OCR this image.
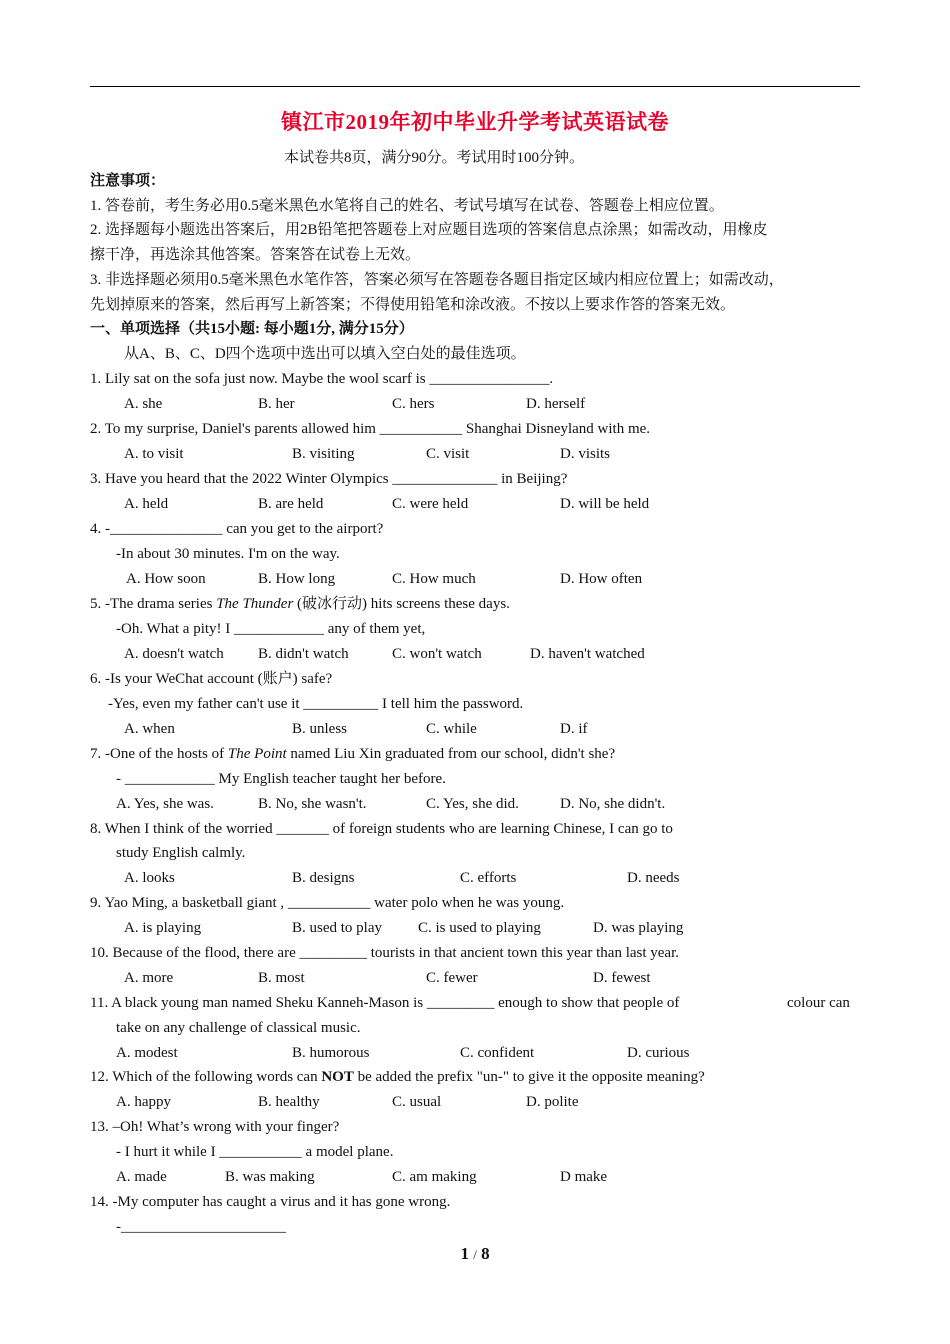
镇江市2019年初中毕业升学考试英语试卷
本试卷共8页，满分90分。考试用时100分钟。
注意事项：
1. 答卷前，考生务必用0.5毫米黑色水笔将自己的姓名、考试号填写在试卷、答题卷上相应位置。
2. 选择题每小题选出答案后，用2B铅笔把答题卷上对应题目选项的答案信息点涂黑；如需改动，用橡皮
擦干净，再选涂其他答案。答案答在试卷上无效。
3. 非选择题必须用0.5毫米黑色水笔作答，答案必须写在答题卷各题目指定区域内相应位置上；如需改动，
先划掉原来的答案，然后再写上新答案；不得使用铅笔和涂改液。不按以上要求作答的答案无效。
一、单项选择（共15小题: 每小题1分, 满分15分）
从A、B、C、D四个选项中选出可以填入空白处的最佳选项。
1. Lily sat on the sofa just now. Maybe the wool scarf is ________________.
A. she	B. her	C. hers	D. herself
2. To my surprise, Daniel's parents allowed him ___________ Shanghai Disneyland with me.
A. to visit	B. visiting	C. visit	D. visits
3. Have you heard that the 2022 Winter Olympics ______________ in Beijing?
A. held	B. are held	C. were held	D. will be held
4. -_______________ can you get to the airport?
-In about 30 minutes. I'm on the way.
A. How soon	B. How long	C. How much	D. How often
5. -The drama series The Thunder (破冰行动) hits screens these days.
-Oh. What a pity! I ____________ any of them yet,
A. doesn't watch B. didn't watch	C. won't watch	D. haven't watched
6. -Is your WeChat account (账户) safe?
-Yes, even my father can't use it __________ I tell him the password.
A. when	B. unless	C. while	D. if
7. -One of the hosts of The Point named Liu Xin graduated from our school, didn't she?
- ____________ My English teacher taught her before.
A. Yes, she was.	B. No, she wasn't.	C. Yes, she did.	D. No, she didn't.
8. When I think of the worried _______ of foreign students who are learning Chinese, I can go to
study English calmly.
A. looks	B. designs	C. efforts	D. needs
9. Yao Ming, a basketball giant , ___________ water polo when he was young.
A. is playing	B. used to play C. is used to playing	D. was playing
10. Because of the flood, there are _________ tourists in that ancient town this year than last year.
A. more	B. most	C. fewer	D. fewest
11. A black young man named Sheku Kanneh-Mason is _________ enough to show that people of	colour can
take on any challenge of classical music.
A. modest	B. humorous	C. confident	D. curious
12. Which of the following words can NOT be added the prefix "un-" to give it the opposite meaning?
A. happy	B. healthy	C. usual	D. polite
13. –Oh! What’s wrong with your finger?
- I hurt it while I ___________ a model plane.
A. made	B. was making	C. am making	D make
14. -My computer has caught a virus and it has gone wrong.
-______________________
1 / 8
